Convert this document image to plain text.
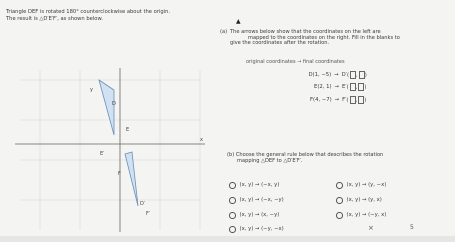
Triangle DEF is rotated 180° counterclockwise about the origin.
The result is △D′E′F′, as shown below.	▲
y
x
D
E
F
D′
E′
F′
(a) The arrows below show that the coordinates on the left are
mapped to the coordinates on the right. Fill in the blanks to
give the coordinates after the rotation.
original coordinates → final coordinates
D(1, −5) → D′ ( , )
E(2, 1) → E′ ( , )
F(4, −7) → F′ ( , )
(b) Choose the general rule below that describes the rotation
mapping △DEF to △D′E′F′.
(x, y) → (−x, y)	(x, y) → (y, −x)
(x, y) → (−x, −y)	(x, y) → (y, x)
(x, y) → (x, −y)	(x, y) → (−y, x)
(x, y) → (−y, −x)	×	5
